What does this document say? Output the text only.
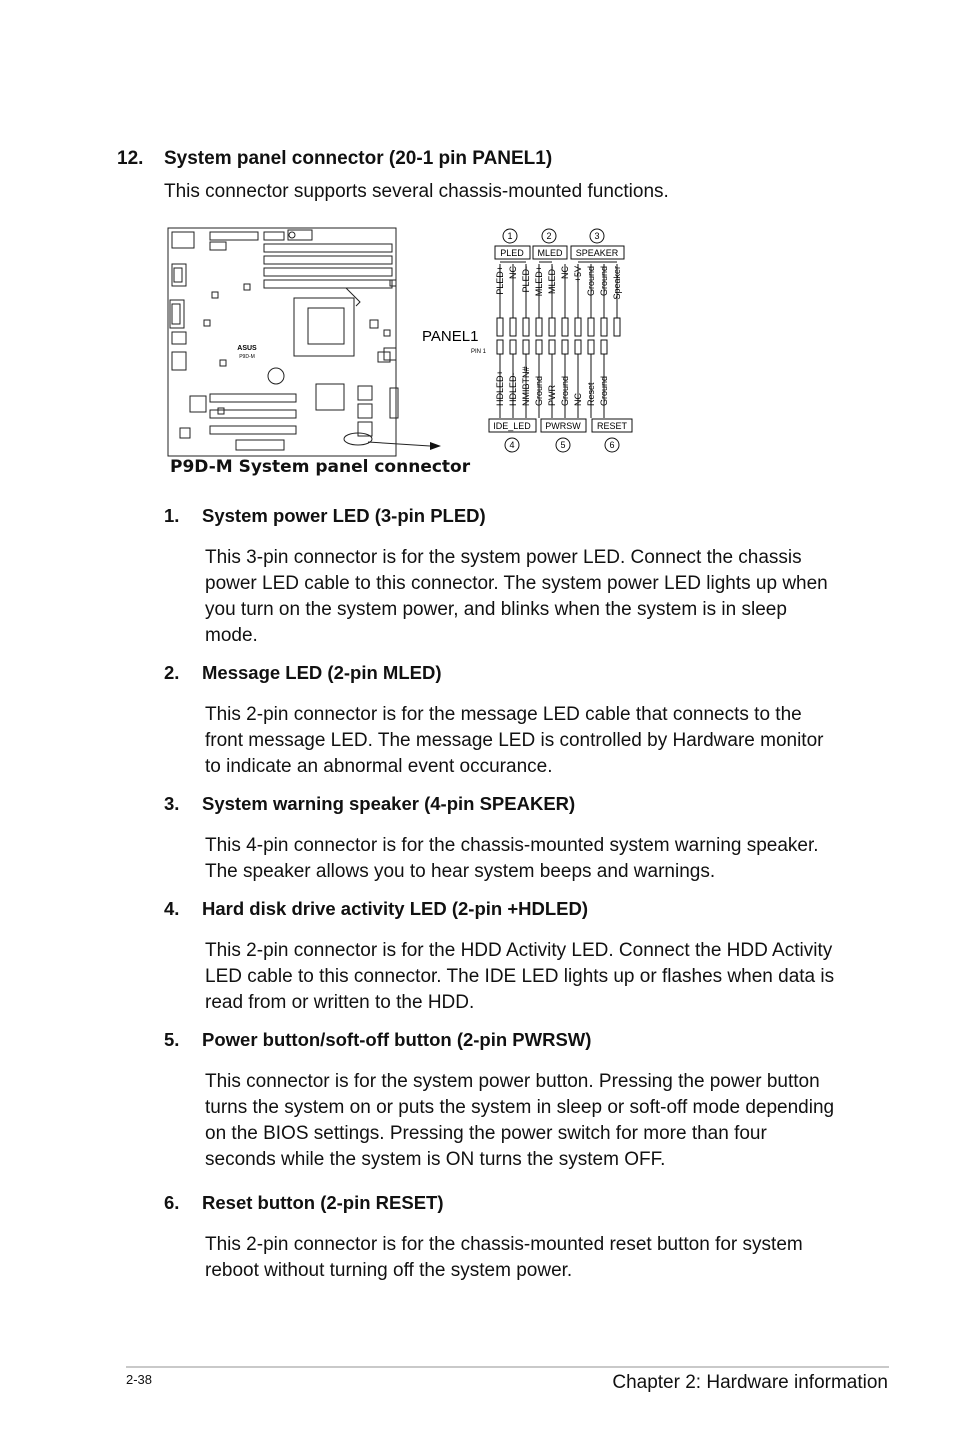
12. System panel connector (20-1 pin PANEL1)
This connector supports several chassis-mounted functions.
ASUS
P9D-M
1	2	3
PLED MLED SPEAKER
PLED+ NC PLED- MLED+ MLED- NC +5V Ground Ground Speaker
HDLED+ HDLED- NMIBTN# Ground PWR Ground NC Reset Ground
PANEL1
PIN 1
IDE_LED PWRSW RESET
4	5	6
P9D-M System panel connector
1. System power LED (3-pin PLED)
This 3-pin connector is for the system power LED. Connect the chassis power LED cable to this connector. The system power LED lights up when you turn on the system power, and blinks when the system is in sleep mode.
2. Message LED (2-pin MLED)
This 2-pin connector is for the message LED cable that connects to the front message LED. The message LED is controlled by Hardware monitor to indicate an abnormal event occurance.
3. System warning speaker (4-pin SPEAKER)
This 4-pin connector is for the chassis-mounted system warning speaker. The speaker allows you to hear system beeps and warnings.
4. Hard disk drive activity LED (2-pin +HDLED)
This 2-pin connector is for the HDD Activity LED. Connect the HDD Activity LED cable to this connector. The IDE LED lights up or flashes when data is read from or written to the HDD.
5. Power button/soft-off button (2-pin PWRSW)
This connector is for the system power button. Pressing the power button turns the system on or puts the system in sleep or soft-off mode depending on the BIOS settings. Pressing the power switch for more than four seconds while the system is ON turns the system OFF.
6. Reset button (2-pin RESET)
This 2-pin connector is for the chassis-mounted reset button for system reboot without turning off the system power.
2-38	Chapter 2: Hardware information
